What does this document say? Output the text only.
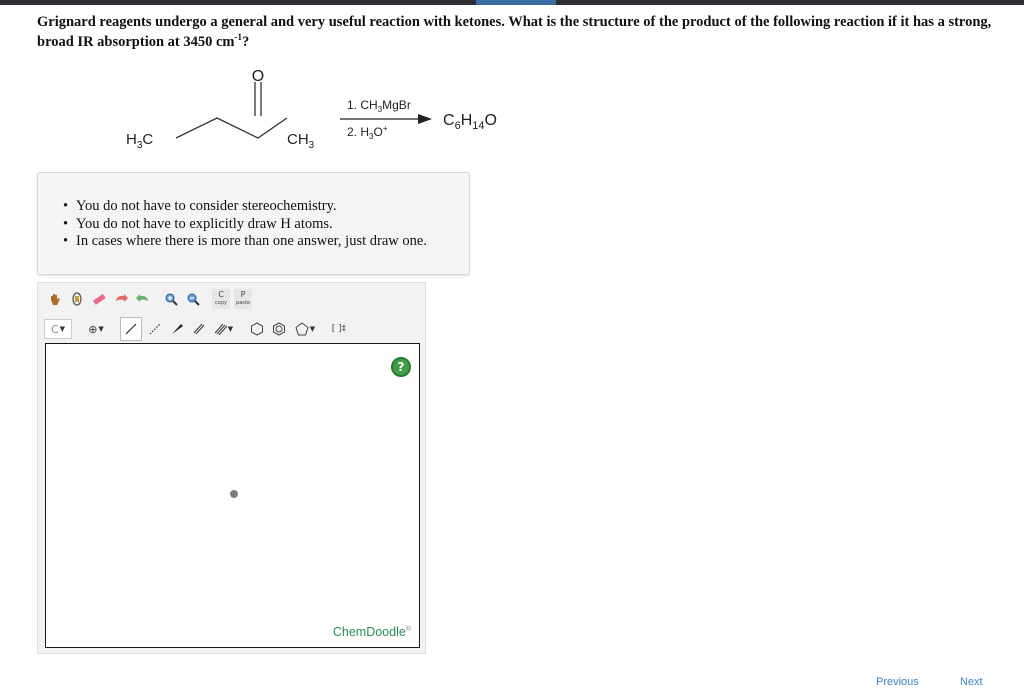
Grignard reagents undergo a general and very useful reaction with ketones. What is the structure of the product of the following reaction if it has a strong, broad IR absorption at 3450 $cm^{-1}$?
O
$H_3C$	$CH_3$
1. $CH_3MgBr$
2. $H_3O^+$	$C_6H_{14}O$
• You do not have to consider stereochemistry.
• You do not have to explicitly draw H atoms.
• In cases where there is more than one answer, just draw one.
C
copy
P
paste
C ▼ ⊕ ▼	▼	▼	[ ]‡
?
ChemDoodle®
Previous	Next
